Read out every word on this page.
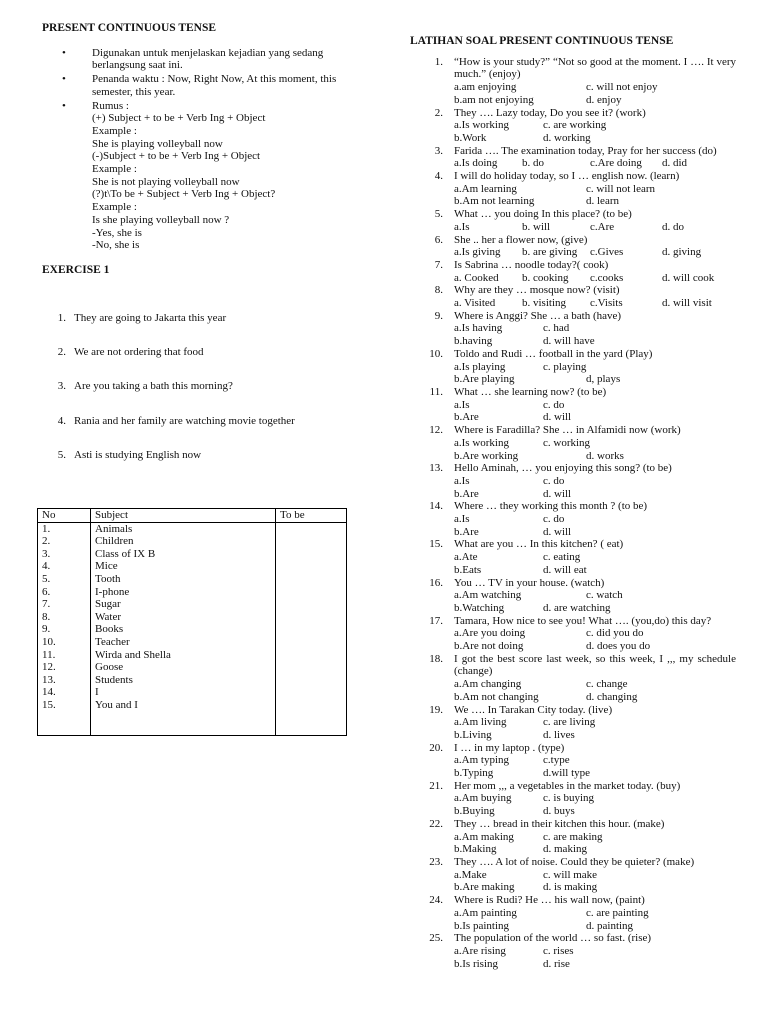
PRESENT CONTINUOUS TENSE
• Digunakan untuk menjelaskan kejadian yang sedang
berlangsung saat ini.
• Penanda waktu : Now, Right Now, At this moment, this
semester, this year.
• Rumus :
(+) Subject + to be + Verb Ing + Object
Example :
She is playing volleyball now
(-)Subject + to be + Verb Ing + Object
Example :
She is not playing volleyball now
(?)t\To be + Subject + Verb Ing + Object?
Example :
Is she playing volleyball now ?
-Yes, she is
-No, she is
EXERCISE 1
1. They are going to Jakarta this year
2. We are not ordering that food
3. Are you taking a bath this morning?
4. Rania and her family are watching movie together
5. Asti is studying English now
No	Subject	To be
1.	Animals	
2.	Children	
3.	Class of IX B	
4.	Mice	
5.	Tooth	
6.	I-phone	
7.	Sugar	
8.	Water	
9.	Books	
10.	Teacher	
11.	Wirda and Shella	
12.	Goose	
13.	Students	
14.	I	
15.	You and I	

LATIHAN SOAL PRESENT CONTINUOUS TENSE
1. “How is your study?” “Not so good at the moment. I …. It very much.” (enjoy)
a.am enjoying	c. will not enjoy
b.am not enjoying	d. enjoy
2. They …. Lazy today, Do you see it? (work)
a.Is working	c. are working
b.Work	d. working
3. Farida …. The examination today, Pray for her success (do)
a.Is doing	b. do	c.Are doing	d. did
4. I will do holiday today, so I … english now. (learn)
a.Am learning	c. will not learn
b.Am not learning	d. learn
5. What … you doing In this place? (to be)
a.Is	b. will	c.Are	d. do
6. She .. her a flower now, (give)
a.Is giving	b. are giving	c.Gives	d. giving
7. Is Sabrina … noodle today?( cook)
a. Cooked	b. cooking	c.cooks	d. will cook
8. Why are they … mosque now? (visit)
a. Visited	b. visiting	c.Visits	d. will visit
9. Where is Anggi? She … a bath (have)
a.Is having	c. had
b.having	d. will have
10. Toldo and Rudi … football in the yard (Play)
a.Is playing	c. playing
b.Are playing	d, plays
11. What … she learning now? (to be)
a.Is	c. do
b.Are	d. will
12. Where is Faradilla? She … in Alfamidi now (work)
a.Is working	c. working
b.Are working	d. works
13. Hello Aminah, … you enjoying this song? (to be)
a.Is	c. do
b.Are	d. will
14. Where … they working this month ? (to be)
a.Is	c. do
b.Are	d. will
15. What are you … In this kitchen? ( eat)
a.Ate	c. eating
b.Eats	d. will eat
16. You … TV in your house. (watch)
a.Am watching	c. watch
b.Watching	d. are watching
17. Tamara, How nice to see you! What …. (you,do) this day?
a.Are you doing	c. did you do
b.Are not doing	d. does you do
18. I got the best score last week, so this week, I ,,, my schedule (change)
a.Am changing	c. change
b.Am not changing	d. changing
19. We …. In Tarakan City today. (live)
a.Am living	c. are living
b.Living	d. lives
20. I … in my laptop . (type)
a.Am typing	c.type
b.Typing	d.will type
21. Her mom ,,, a vegetables in the market today. (buy)
a.Am buying	c. is buying
b.Buying	d. buys
22. They … bread in their kitchen this hour. (make)
a.Am making	c. are making
b.Making	d. making
23. They …. A lot of noise. Could they be quieter? (make)
a.Make	c. will make
b.Are making	d. is making
24. Where is Rudi? He … his wall now, (paint)
a.Am painting	c. are painting
b.Is painting	d. painting
25. The population of the world … so fast. (rise)
a.Are rising	c. rises
b.Is rising	d. rise
